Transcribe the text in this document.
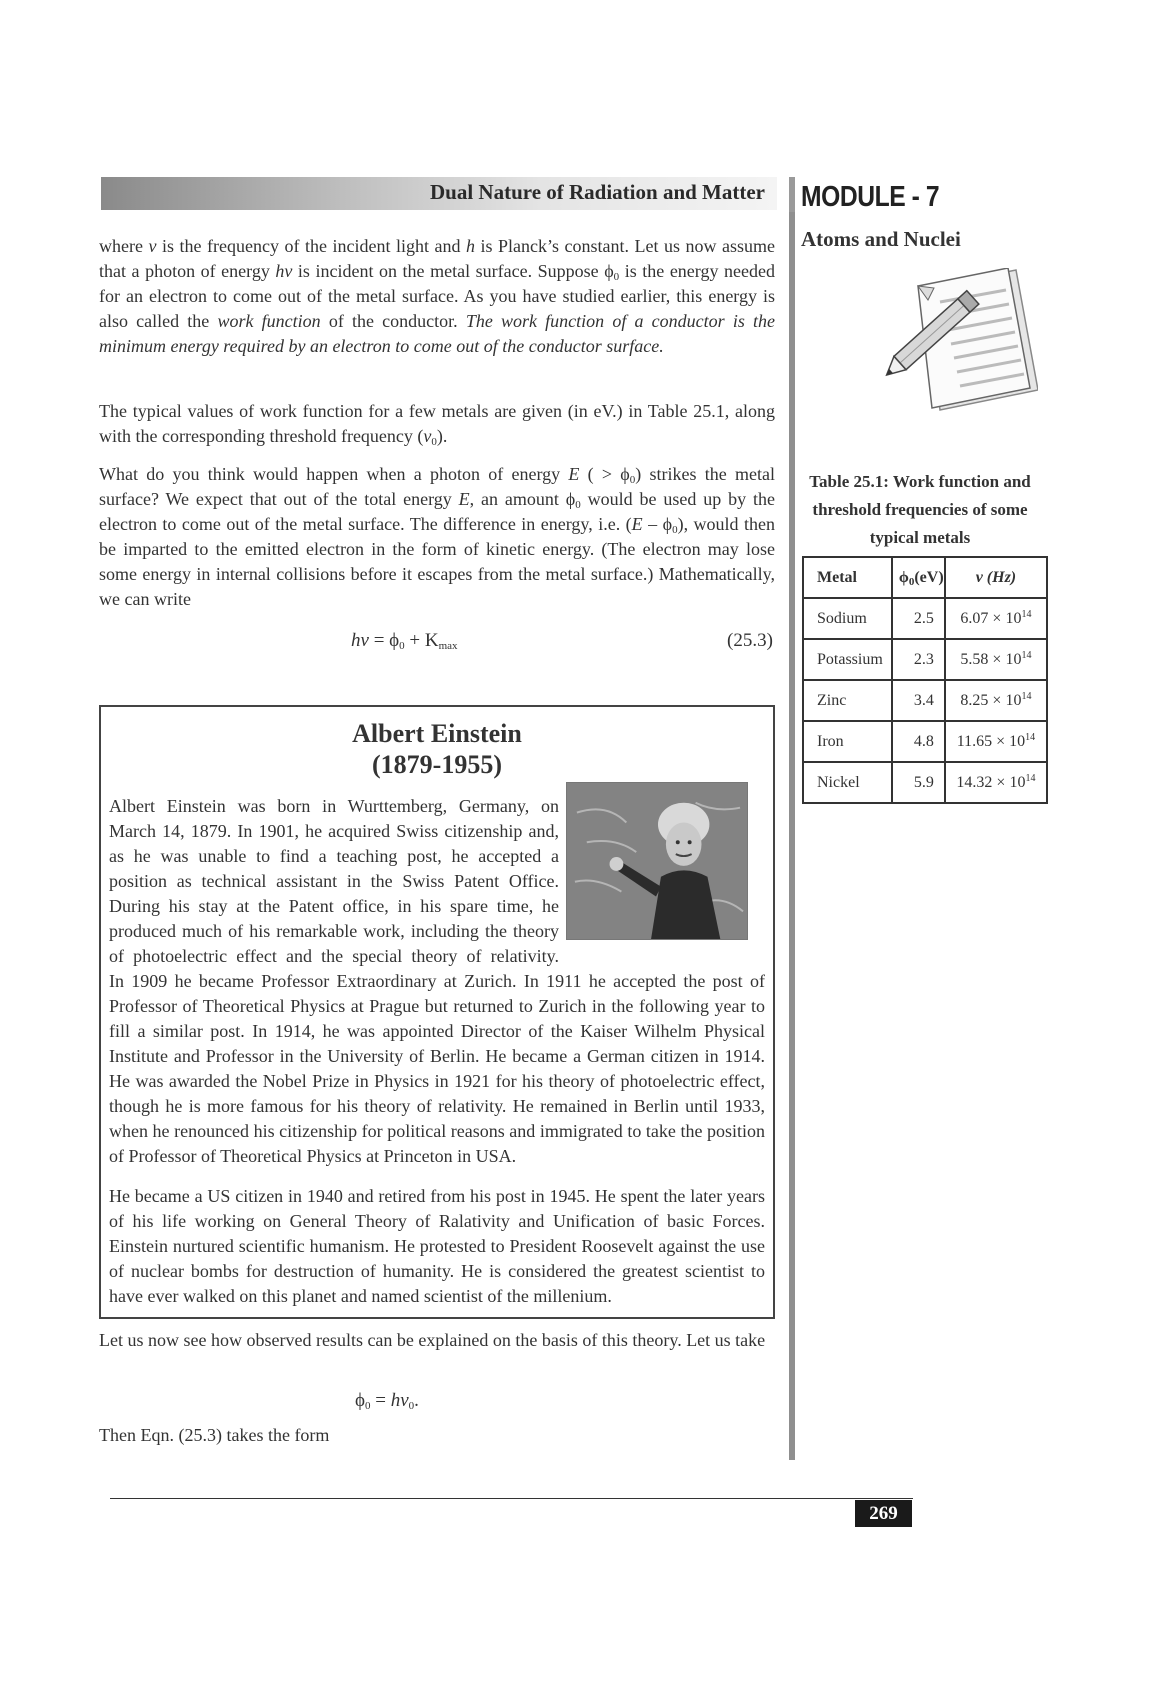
Dual Nature of Radiation and Matter MODULE - 7
Atoms and Nuclei
where v is the frequency of the incident light and h is Planck’s constant. Let us now assume that a photon of energy hv is incident on the metal surface. Suppose $\phi_0$ is the energy needed for an electron to come out of the metal surface. As you have studied earlier, this energy is also called the work function of the conductor. The work function of a conductor is the minimum energy required by an electron to come out of the conductor surface.
The typical values of work function for a few metals are given (in eV.) in Table 25.1, along with the corresponding threshold frequency $(v_0)$.
What do you think would happen when a photon of energy E ( > $\phi_0$) strikes the metal surface? We expect that out of the total energy E, an amount $\phi_0$ would be used up by the electron to come out of the metal surface. The difference in energy, i.e. $(E - \phi_0)$, would then be imparted to the emitted electron in the form of kinetic energy. (The electron may lose some energy in internal collisions before it escapes from the metal surface.) Mathematically, we can write
hv = $\phi_0 + K_{max}$	(25.3)
Albert Einstein
(1879-1955)
Albert Einstein was born in Wurttemberg, Germany, on
March 14, 1879. In 1901, he acquired Swiss citizenship and,
as he was unable to find a teaching post, he accepted a
position as technical assistant in the Swiss Patent Office.
During his stay at the Patent office, in his spare time, he
produced much of his remarkable work, including the theory
of photoelectric effect and the special theory of relativity.
In 1909 he became Professor Extraordinary at Zurich. In 1911 he accepted the post of Professor of Theoretical Physics at Prague but returned to Zurich in the following year to fill a similar post. In 1914, he was appointed Director of the Kaiser Wilhelm Physical Institute and Professor in the University of Berlin. He became a German citizen in 1914. He was awarded the Nobel Prize in Physics in 1921 for his theory of photoelectric effect, though he is more famous for his theory of relativity. He remained in Berlin until 1933, when he renounced his citizenship for political reasons and immigrated to take the position of Professor of Theoretical Physics at Princeton in USA.
He became a US citizen in 1940 and retired from his post in 1945. He spent the later years of his life working on General Theory of Ralativity and Unification of basic Forces. Einstein nurtured scientific humanism. He protested to President Roosevelt against the use of nuclear bombs for destruction of humanity. He is considered the greatest scientist to have ever walked on this planet and named scientist of the millenium.
Let us now see how observed results can be explained on the basis of this theory. Let us take
$\phi_0 = hv_0$.
Then Eqn. (25.3) takes the form
Table 25.1: Work function and threshold frequencies of some typical metals
Metal	$\phi_0(eV)$	ν (Hz)
Sodium	2.5	$6.07 \times 10^{14}$
Potassium	2.3	$5.58 \times 10^{14}$
Zinc	3.4	$8.25 \times 10^{14}$
Iron	4.8	$11.65 \times 10^{14}$
Nickel	5.9	$14.32 \times 10^{14}$
269
